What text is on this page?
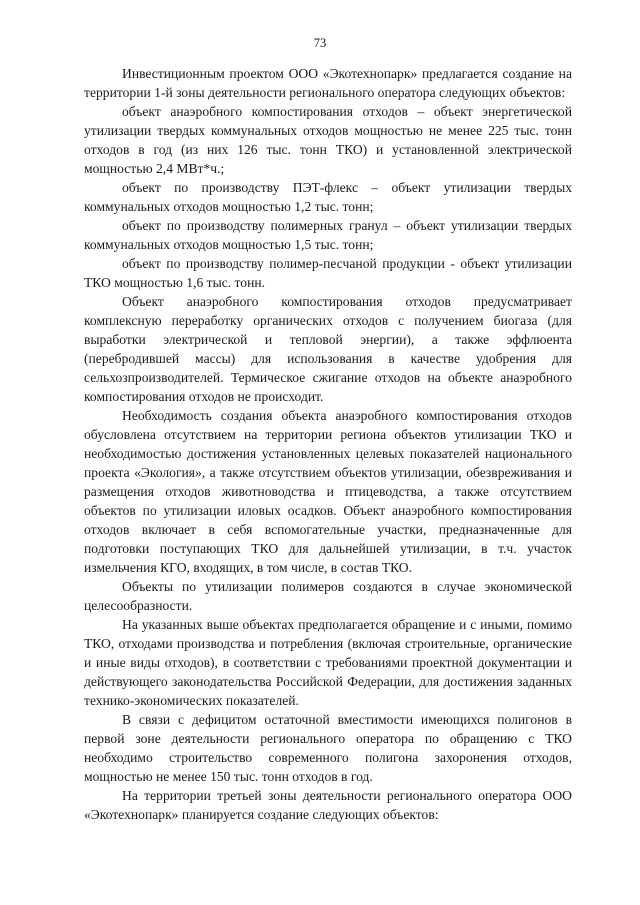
73

Инвестиционным проектом ООО «Экотехнопарк» предлагается создание на территории 1-й зоны деятельности регионального оператора следующих объектов:

объект анаэробного компостирования отходов – объект энергетической утилизации твердых коммунальных отходов мощностью не менее 225 тыс. тонн отходов в год (из них 126 тыс. тонн ТКО) и установленной электрической мощностью 2,4 МВт*ч.;

объект по производству ПЭТ-флекс – объект утилизации твердых коммунальных отходов мощностью 1,2 тыс. тонн;

объект по производству полимерных гранул – объект утилизации твердых коммунальных отходов мощностью 1,5 тыс. тонн;

объект по производству полимер-песчаной продукции - объект утилизации ТКО мощностью 1,6 тыс. тонн.

Объект анаэробного компостирования отходов предусматривает комплексную переработку органических отходов с получением биогаза (для выработки электрической и тепловой энергии), а также эффлюента (перебродившей массы) для использования в качестве удобрения для сельхозпроизводителей. Термическое сжигание отходов на объекте анаэробного компостирования отходов не происходит.

Необходимость создания объекта анаэробного компостирования отходов обусловлена отсутствием на территории региона объектов утилизации ТКО и необходимостью достижения установленных целевых показателей национального проекта «Экология», а также отсутствием объектов утилизации, обезвреживания и размещения отходов животноводства и птицеводства, а также отсутствием объектов по утилизации иловых осадков. Объект анаэробного компостирования отходов включает в себя вспомогательные участки, предназначенные для подготовки поступающих ТКО для дальнейшей утилизации, в т.ч. участок измельчения КГО, входящих, в том числе, в состав ТКО.

Объекты по утилизации полимеров создаются в случае экономической целесообразности.

На указанных выше объектах предполагается обращение и с иными, помимо ТКО, отходами производства и потребления (включая строительные, органические и иные виды отходов), в соответствии с требованиями проектной документации и действующего законодательства Российской Федерации, для достижения заданных технико-экономических показателей.

В связи с дефицитом остаточной вместимости имеющихся полигонов в первой зоне деятельности регионального оператора по обращению с ТКО необходимо строительство современного полигона захоронения отходов, мощностью не менее 150 тыс. тонн отходов в год.

На территории третьей зоны деятельности регионального оператора ООО «Экотехнопарк» планируется создание следующих объектов:
